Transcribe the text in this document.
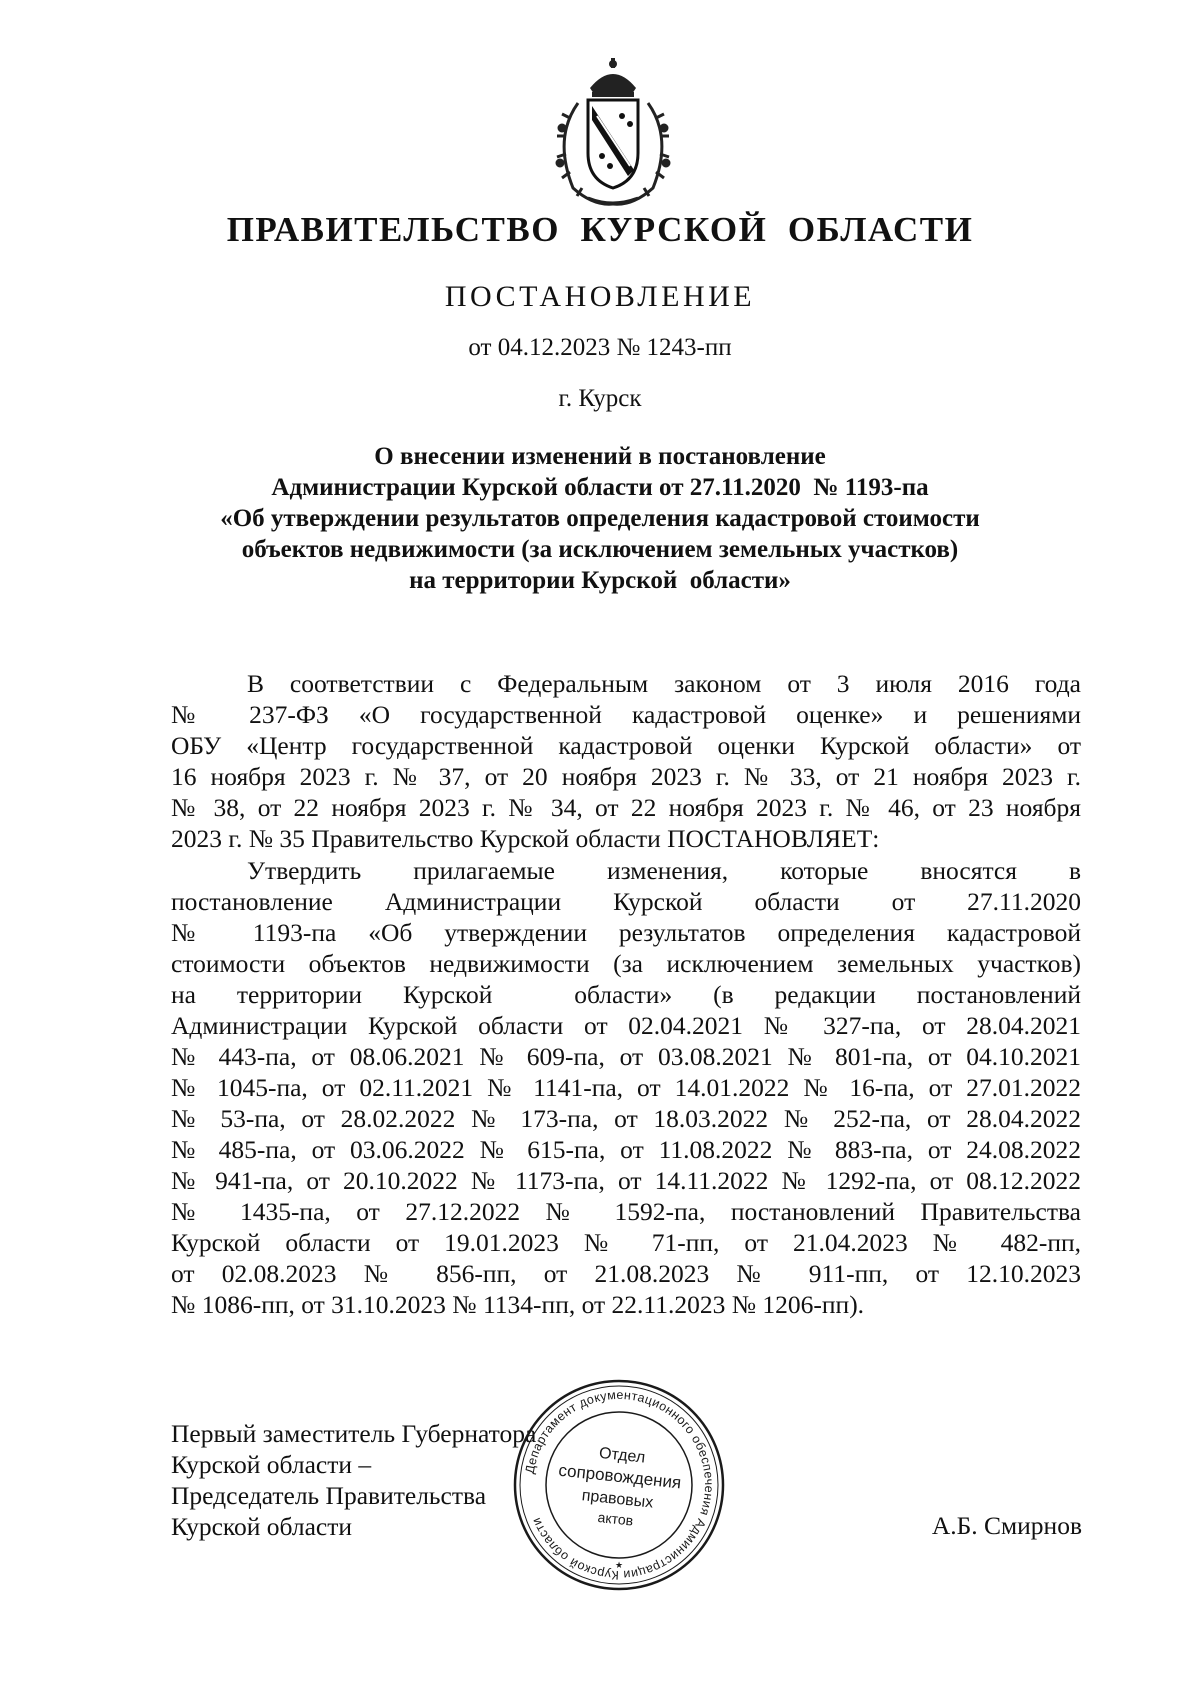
ПРАВИТЕЛЬСТВО  КУРСКОЙ  ОБЛАСТИ
ПОСТАНОВЛЕНИЕ
от 04.12.2023 № 1243-пп
г. Курск
О внесении изменений в постановление
Администрации Курской области от 27.11.2020  № 1193-па
«Об утверждении результатов определения кадастровой стоимости
объектов недвижимости (за исключением земельных участков)
на территории Курской  области»
В соответствии с Федеральным законом от 3 июля 2016 года
№ 237-ФЗ «О государственной кадастровой оценке» и решениями
ОБУ «Центр государственной кадастровой оценки Курской области» от
16 ноября 2023 г. № 37, от 20 ноября 2023 г. № 33, от 21 ноября 2023 г.
№ 38, от 22 ноября 2023 г. № 34, от 22 ноября 2023 г. № 46, от 23 ноября
2023 г. № 35 Правительство Курской области ПОСТАНОВЛЯЕТ:
Утвердить прилагаемые изменения, которые вносятся в
постановление Администрации Курской области от 27.11.2020
№ 1193-па «Об утверждении результатов определения кадастровой
стоимости объектов недвижимости (за исключением земельных участков)
на территории Курской  области» (в редакции постановлений
Администрации Курской области от 02.04.2021 № 327-па, от 28.04.2021
№ 443-па, от 08.06.2021 № 609-па, от 03.08.2021 № 801-па, от 04.10.2021
№ 1045-па, от 02.11.2021 № 1141-па, от 14.01.2022 № 16-па, от 27.01.2022
№ 53-па, от 28.02.2022 № 173-па, от 18.03.2022 № 252-па, от 28.04.2022
№ 485-па, от 03.06.2022 № 615-па, от 11.08.2022 № 883-па, от 24.08.2022
№ 941-па, от 20.10.2022 № 1173-па, от 14.11.2022 № 1292-па, от 08.12.2022
№ 1435-па, от 27.12.2022 № 1592-па, постановлений Правительства
Курской области от 19.01.2023 № 71-пп, от 21.04.2023 № 482-пп,
от 02.08.2023 № 856-пп, от 21.08.2023 № 911-пп, от 12.10.2023
№ 1086-пп, от 31.10.2023 № 1134-пп, от 22.11.2023 № 1206-пп).
Первый заместитель Губернатора
Курской области –
Председатель Правительства
Курской области	А.Б. Смирнов
Департамент документационного обеспечения Администрации Курской области
Отдел
сопровождения
правовых
актов
★
